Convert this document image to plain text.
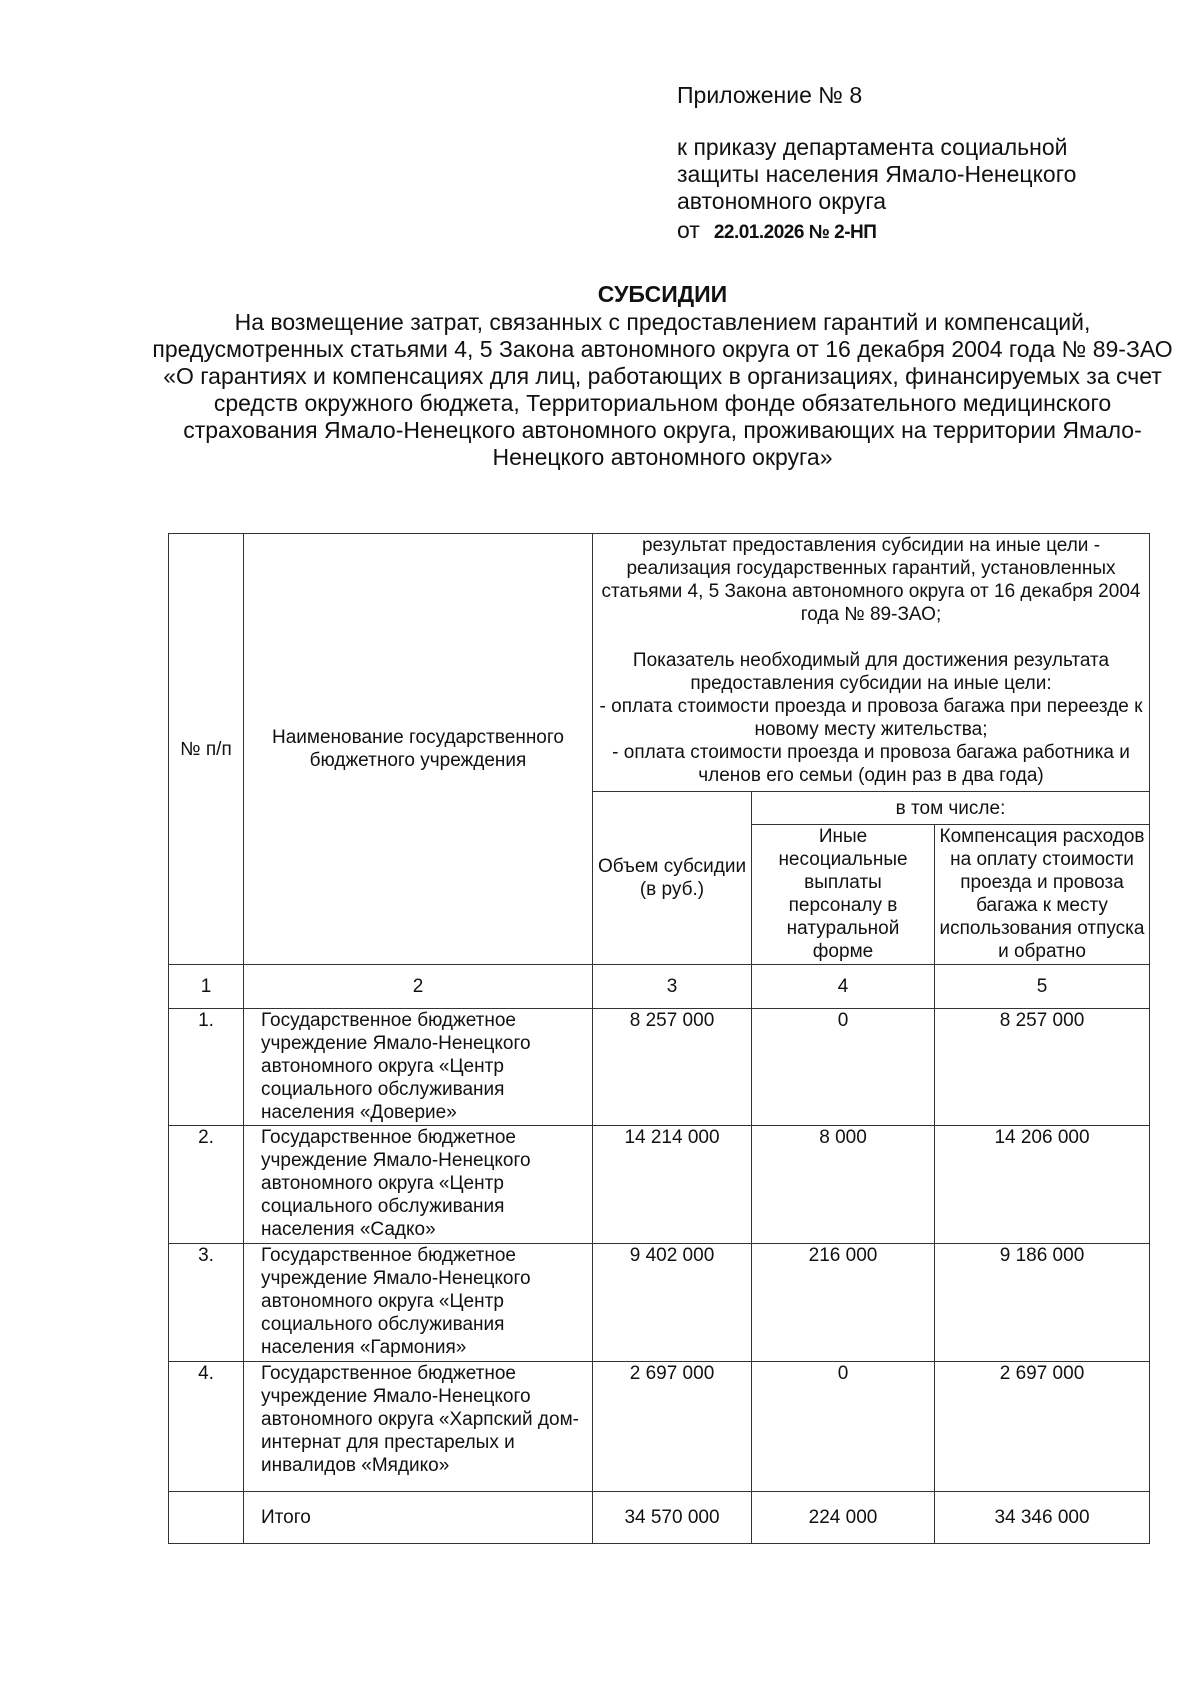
Приложение № 8

к приказу департамента социальной защиты населения Ямало-Ненецкого автономного округа

от 22.01.2026 № 2-НП
СУБСИДИИ
На возмещение затрат, связанных с предоставлением гарантий и компенсаций, предусмотренных статьями 4, 5 Закона автономного округа от 16 декабря 2004 года № 89-ЗАО «О гарантиях и компенсациях для лиц, работающих в организациях, финансируемых за счет средств окружного бюджета, Территориальном фонде обязательного медицинского страхования Ямало-Ненецкого автономного округа, проживающих на территории Ямало-Ненецкого автономного округа»
№ п/п	Наименование государственного бюджетного учреждения	результат предоставления субсидии на иные цели - реализация государственных гарантий, установленных статьями 4, 5 Закона автономного округа от 16 декабря 2004 года № 89-ЗАО;
Показатель необходимый для достижения результата предоставления субсидии на иные цели:
- оплата стоимости проезда и провоза багажа при переезде к новому месту жительства;
- оплата стоимости проезда и провоза багажа работника и членов его семьи (один раз в два года)		

		Объем субсидии (в руб.)	в том числе:	
			Иные несоциальные выплаты персоналу в натуральной форме	Компенсация расходов на оплату стоимости проезда и провоза багажа к месту использования отпуска и обратно
1	2	3	4	5
1.	Государственное бюджетное учреждение Ямало-Ненецкого автономного округа «Центр социального обслуживания населения «Доверие»	8 257 000	0	8 257 000
2.	Государственное бюджетное учреждение Ямало-Ненецкого автономного округа «Центр социального обслуживания населения «Садко»	14 214 000	8 000	14 206 000
3.	Государственное бюджетное учреждение Ямало-Ненецкого автономного округа «Центр социального обслуживания населения «Гармония»	9 402 000	216 000	9 186 000
4.	Государственное бюджетное учреждение Ямало-Ненецкого автономного округа «Харпский дом-интернат для престарелых и инвалидов «Мядико»	2 697 000	0	2 697 000
	Итого	34 570 000	224 000	34 346 000
